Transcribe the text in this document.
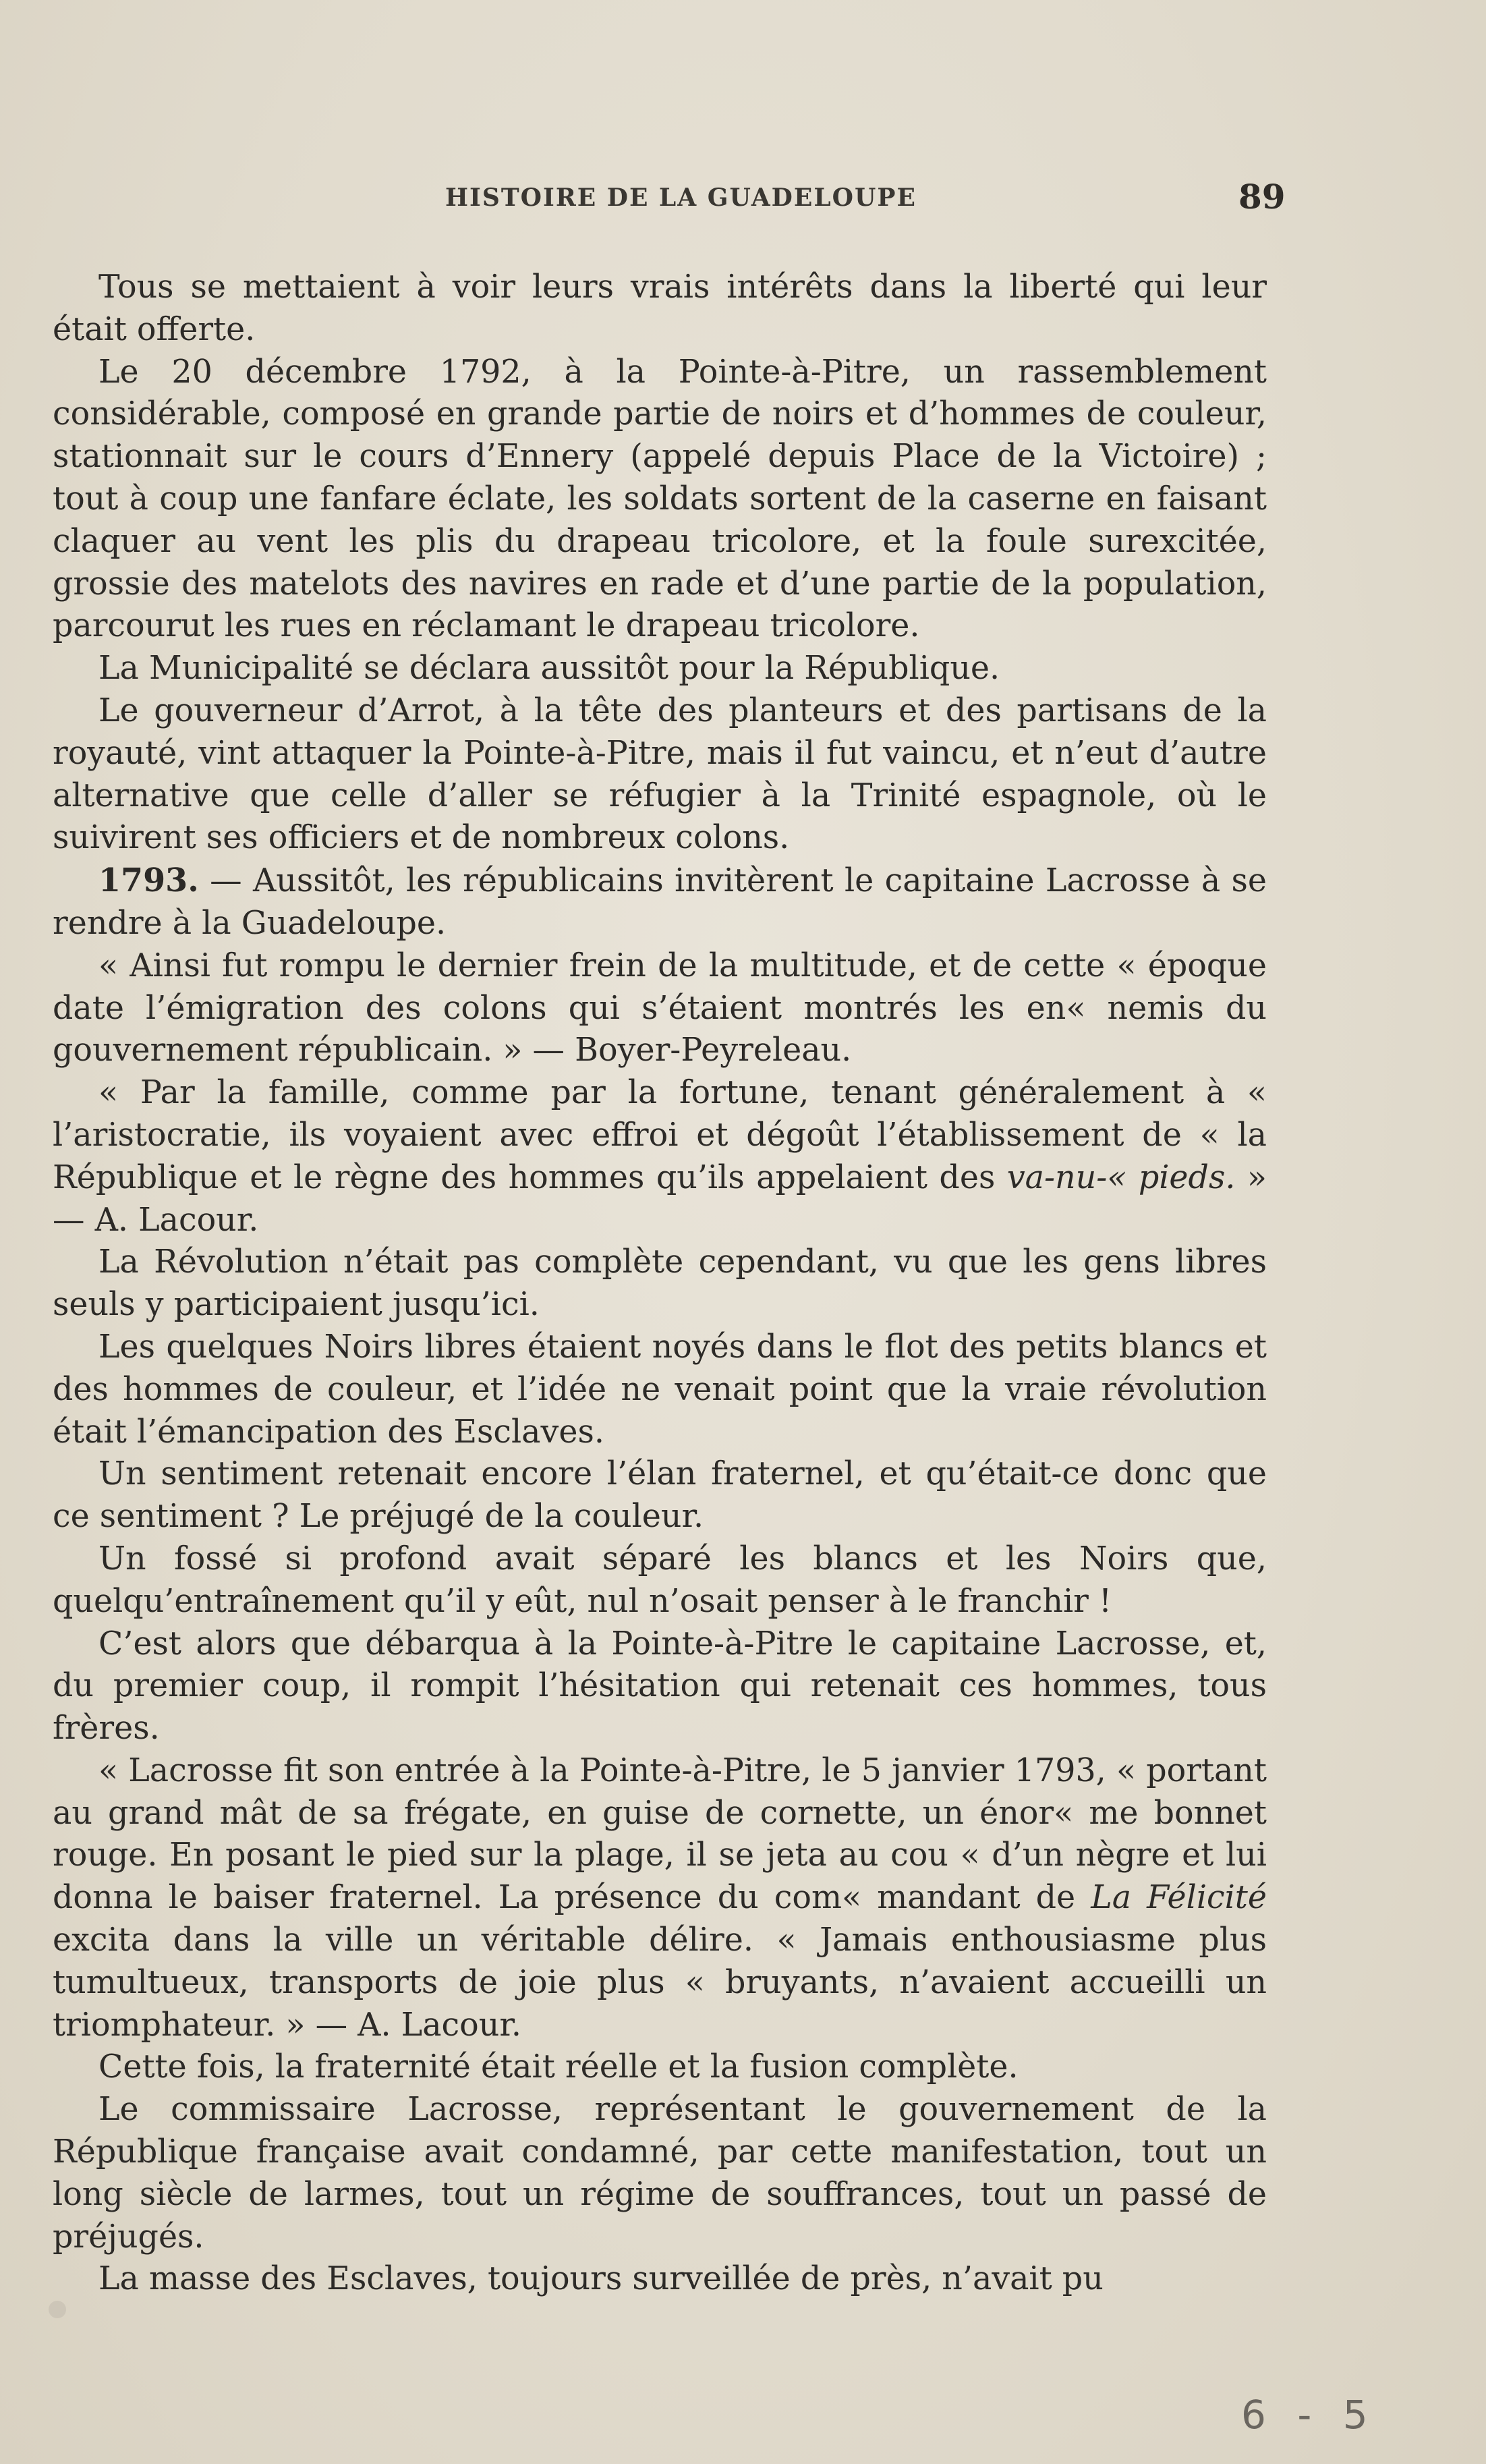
HISTOIRE DE LA GUADELOUPE	89

Tous se mettaient à voir leurs vrais intérêts dans la liberté qui leur était offerte.

Le 20 décembre 1792, à la Pointe-à-Pitre, un rassemblement considérable, composé en grande partie de noirs et d’hommes de couleur, stationnait sur le cours d’Ennery (appelé depuis Place de la Victoire) ; tout à coup une fanfare éclate, les soldats sortent de la caserne en faisant claquer au vent les plis du drapeau tricolore, et la foule surexcitée, grossie des matelots des navires en rade et d’une partie de la population, parcourut les rues en réclamant le drapeau tricolore.

La Municipalité se déclara aussitôt pour la République.

Le gouverneur d’Arrot, à la tête des planteurs et des partisans de la royauté, vint attaquer la Pointe-à-Pitre, mais il fut vaincu, et n’eut d’autre alternative que celle d’aller se réfugier à la Trinité espagnole, où le suivirent ses officiers et de nombreux colons.

1793. — Aussitôt, les républicains invitèrent le capitaine Lacrosse à se rendre à la Guadeloupe.

« Ainsi fut rompu le dernier frein de la multitude, et de cette « époque date l’émigration des colons qui s’étaient montrés les en« nemis du gouvernement républicain. » — Boyer-Peyreleau.

« Par la famille, comme par la fortune, tenant généralement à « l’aristocratie, ils voyaient avec effroi et dégoût l’établissement de « la République et le règne des hommes qu’ils appelaient des va-nu-« pieds. » — A. Lacour.

La Révolution n’était pas complète cependant, vu que les gens libres seuls y participaient jusqu’ici.

Les quelques Noirs libres étaient noyés dans le flot des petits blancs et des hommes de couleur, et l’idée ne venait point que la vraie révolution était l’émancipation des Esclaves.

Un sentiment retenait encore l’élan fraternel, et qu’était-ce donc que ce sentiment ? Le préjugé de la couleur.

Un fossé si profond avait séparé les blancs et les Noirs que, quelqu’entraînement qu’il y eût, nul n’osait penser à le franchir !

C’est alors que débarqua à la Pointe-à-Pitre le capitaine Lacrosse, et, du premier coup, il rompit l’hésitation qui retenait ces hommes, tous frères.

« Lacrosse fit son entrée à la Pointe-à-Pitre, le 5 janvier 1793, « portant au grand mât de sa frégate, en guise de cornette, un énor« me bonnet rouge. En posant le pied sur la plage, il se jeta au cou « d’un nègre et lui donna le baiser fraternel. La présence du com« mandant de La Félicité excita dans la ville un véritable délire. « Jamais enthousiasme plus tumultueux, transports de joie plus « bruyants, n’avaient accueilli un triomphateur. » — A. Lacour.

Cette fois, la fraternité était réelle et la fusion complète.

Le commissaire Lacrosse, représentant le gouvernement de la République française avait condamné, par cette manifestation, tout un long siècle de larmes, tout un régime de souffrances, tout un passé de préjugés.

La masse des Esclaves, toujours surveillée de près, n’avait pu

6 - 5
